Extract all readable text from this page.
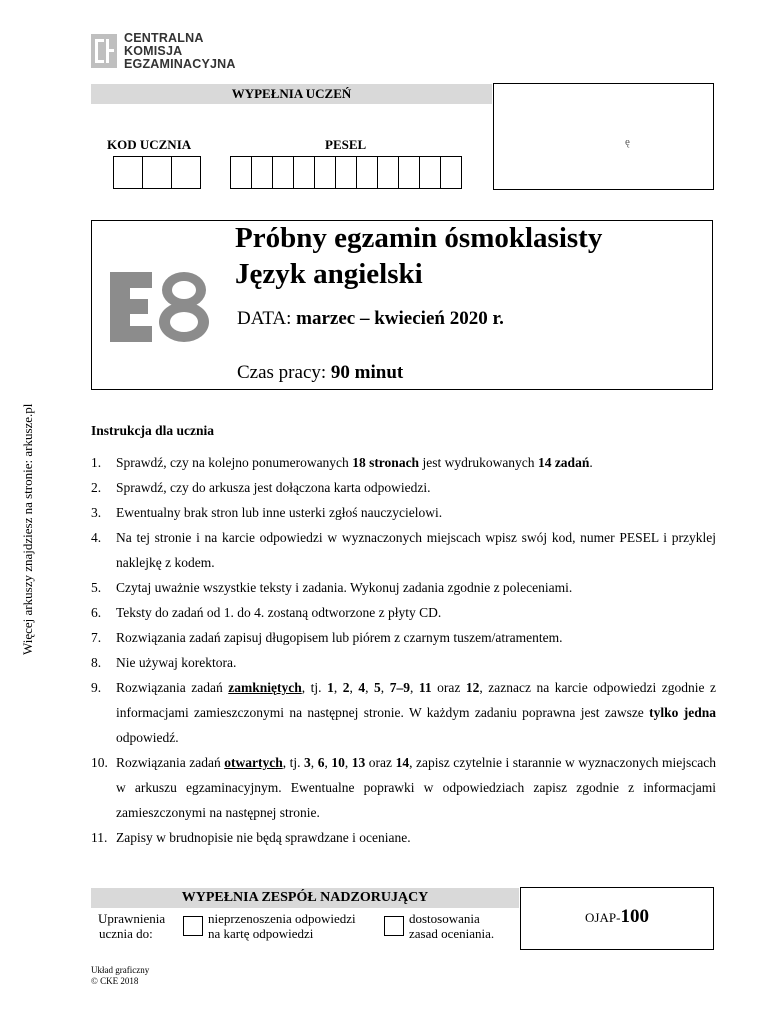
CENTRALNA
KOMISJA
EGZAMINACYJNA
WYPEŁNIA UCZEŃ
ę
KOD UCZNIA	PESEL
Próbny egzamin ósmoklasisty
Język angielski
DATA: marzec – kwiecień 2020 r.
Czas pracy: 90 minut
Więcej arkuszy znajdziesz na stronie: arkusze.pl	Instrukcja dla ucznia
1.	Sprawdź, czy na kolejno ponumerowanych 18 stronach jest wydrukowanych 14 zadań.
2.	Sprawdź, czy do arkusza jest dołączona karta odpowiedzi.
3.	Ewentualny brak stron lub inne usterki zgłoś nauczycielowi.
4.	Na tej stronie i na karcie odpowiedzi w wyznaczonych miejscach wpisz swój kod, numer PESEL i przyklej naklejkę z kodem.
5.	Czytaj uważnie wszystkie teksty i zadania. Wykonuj zadania zgodnie z poleceniami.
6.	Teksty do zadań od 1. do 4. zostaną odtworzone z płyty CD.
7.	Rozwiązania zadań zapisuj długopisem lub piórem z czarnym tuszem/atramentem.
8.	Nie używaj korektora.
9.	Rozwiązania zadań zamkniętych, tj. 1, 2, 4, 5, 7–9, 11 oraz 12, zaznacz na karcie odpowiedzi zgodnie z informacjami zamieszczonymi na następnej stronie. W każdym zadaniu poprawna jest zawsze tylko jedna odpowiedź.
10. Rozwiązania zadań otwartych, tj. 3, 6, 10, 13 oraz 14, zapisz czytelnie i starannie w wyznaczonych miejscach w arkuszu egzaminacyjnym. Ewentualne poprawki w odpowiedziach zapisz zgodnie z informacjami zamieszczonymi na następnej stronie.
11. Zapisy w brudnopisie nie będą sprawdzane i oceniane.
WYPEŁNIA ZESPÓŁ NADZORUJĄCY
OJAP-100
Uprawnienia
ucznia do:
nieprzenoszenia odpowiedzi
na kartę odpowiedzi
dostosowania
zasad oceniania.
Układ graficzny
© CKE 2018
